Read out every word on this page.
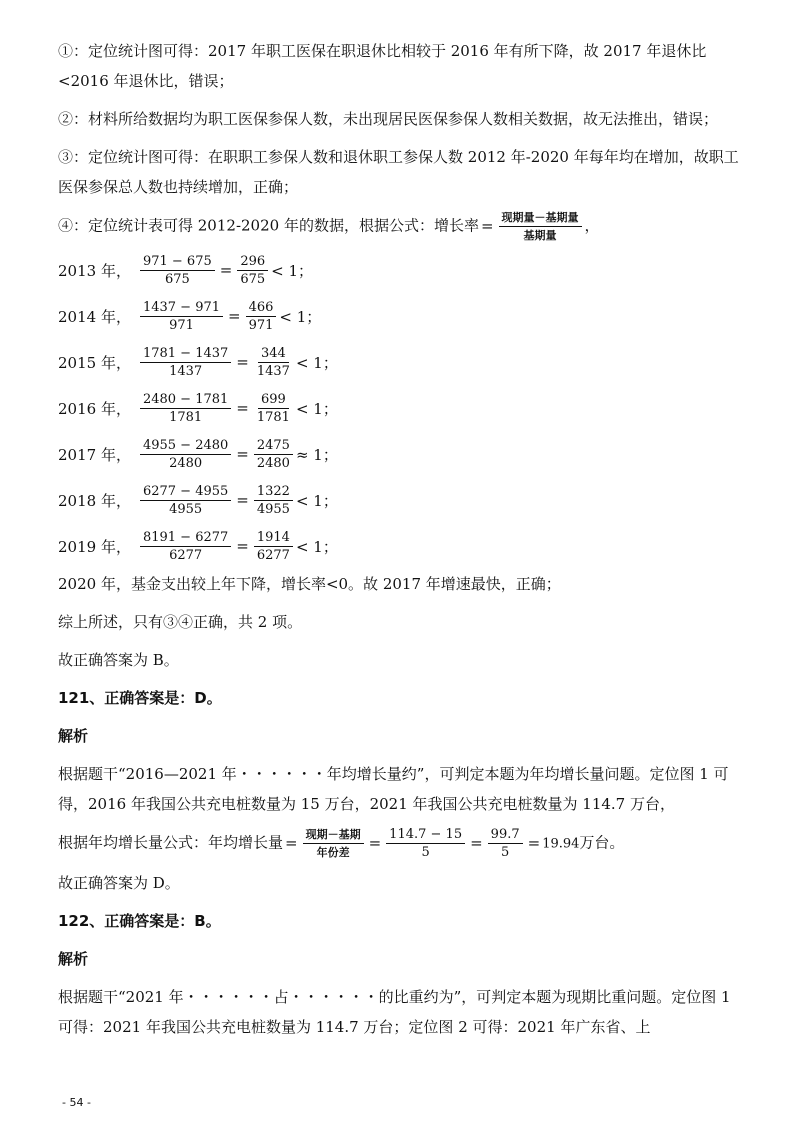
①：定位统计图可得：2017 年职工医保在职退休比相较于 2016 年有所下降，故 2017 年退休比<2016 年退休比，错误；

②：材料所给数据均为职工医保参保人数，未出现居民医保参保人数相关数据，故无法推出，错误；

③：定位统计图可得：在职职工参保人数和退休职工参保人数 2012 年-2020 年每年均在增加，故职工医保参保总人数也持续增加，正确；

④：定位统计表可得 2012-2020 年的数据，根据公式：增长率 = $\frac{\text{现期量－基期量}}{\text{基期量}}$ ，

2013 年， $\frac{971 - 675}{675} = \frac{296}{675} < 1$；
2014 年， $\frac{1437 - 971}{971} = \frac{466}{971} < 1$；
2015 年， $\frac{1781 - 1437}{1437} = \frac{344}{1437} < 1$；
2016 年， $\frac{2480 - 1781}{1781} = \frac{699}{1781} < 1$；
2017 年， $\frac{4955 - 2480}{2480} = \frac{2475}{2480} \approx 1$；
2018 年， $\frac{6277 - 4955}{4955} = \frac{1322}{4955} < 1$；
2019 年， $\frac{8191 - 6277}{6277} = \frac{1914}{6277} < 1$；

2020 年，基金支出较上年下降，增长率<0。故 2017 年增速最快，正确；

综上所述，只有③④正确，共 2 项。

故正确答案为 B。

121、正确答案是：D。
解析

根据题干“2016—2021 年・・・・・・年均增长量约”，可判定本题为年均增长量问题。定位图 1 可得，2016 年我国公共充电桩数量为 15 万台，2021 年我国公共充电桩数量为 114.7 万台，

根据年均增长量公式：年均增长量 = $\frac{\text{现期－基期}}{\text{年份差}} = \frac{114.7 - 15}{5} = \frac{99.7}{5} = 19.94$万台。

故正确答案为 D。

122、正确答案是：B。
解析

根据题干“2021 年・・・・・・占・・・・・・的比重约为”，可判定本题为现期比重问题。定位图 1 可得：2021 年我国公共充电桩数量为 114.7 万台；定位图 2 可得：2021 年广东省、上

- 54 -
